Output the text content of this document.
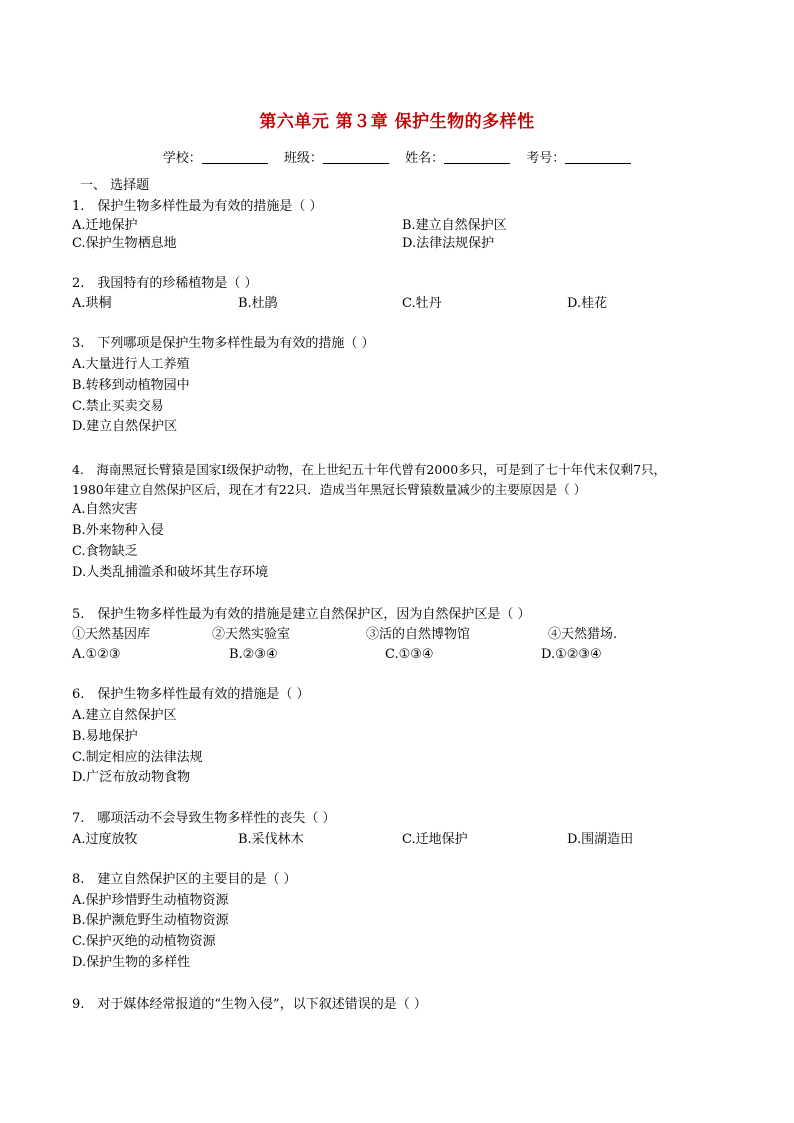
第六单元 第３章 保护生物的多样性
学校：	班级：	姓名：	考号：
一、 选择题
1.　保护生物多样性最为有效的措施是（ ）
A.迁地保护	B.建立自然保护区
C.保护生物栖息地	D.法律法规保护
2.　我国特有的珍稀植物是（ ）
A.珙桐	B.杜鹃	C.牡丹	D.桂花
3.　下列哪项是保护生物多样性最为有效的措施（ ）
A.大量进行人工养殖
B.转移到动植物园中
C.禁止买卖交易
D.建立自然保护区
4.　海南黑冠长臂猿是国家I级保护动物，在上世纪五十年代曾有2000多只，可是到了七十年代末仅剩7只，
1980年建立自然保护区后，现在才有22只．造成当年黑冠长臂猿数量减少的主要原因是（ ）
A.自然灾害
B.外来物种入侵
C.食物缺乏
D.人类乱捕滥杀和破坏其生存环境
5.　保护生物多样性最为有效的措施是建立自然保护区，因为自然保护区是（ ）
①天然基因库	②天然实验室	③活的自然博物馆	④天然猎场.
A.①②③	B.②③④	C.①③④	D.①②③④
6.　保护生物多样性最有效的措施是（ ）
A.建立自然保护区
B.易地保护
C.制定相应的法律法规
D.广泛布放动物食物
7.　哪项活动不会导致生物多样性的丧失（ ）
A.过度放牧	B.采伐林木	C.迁地保护	D.围湖造田
8.　建立自然保护区的主要目的是（ ）
A.保护珍惜野生动植物资源
B.保护濒危野生动植物资源
C.保护灭绝的动植物资源
D.保护生物的多样性
9.　对于媒体经常报道的“生物入侵”，以下叙述错误的是（ ）
